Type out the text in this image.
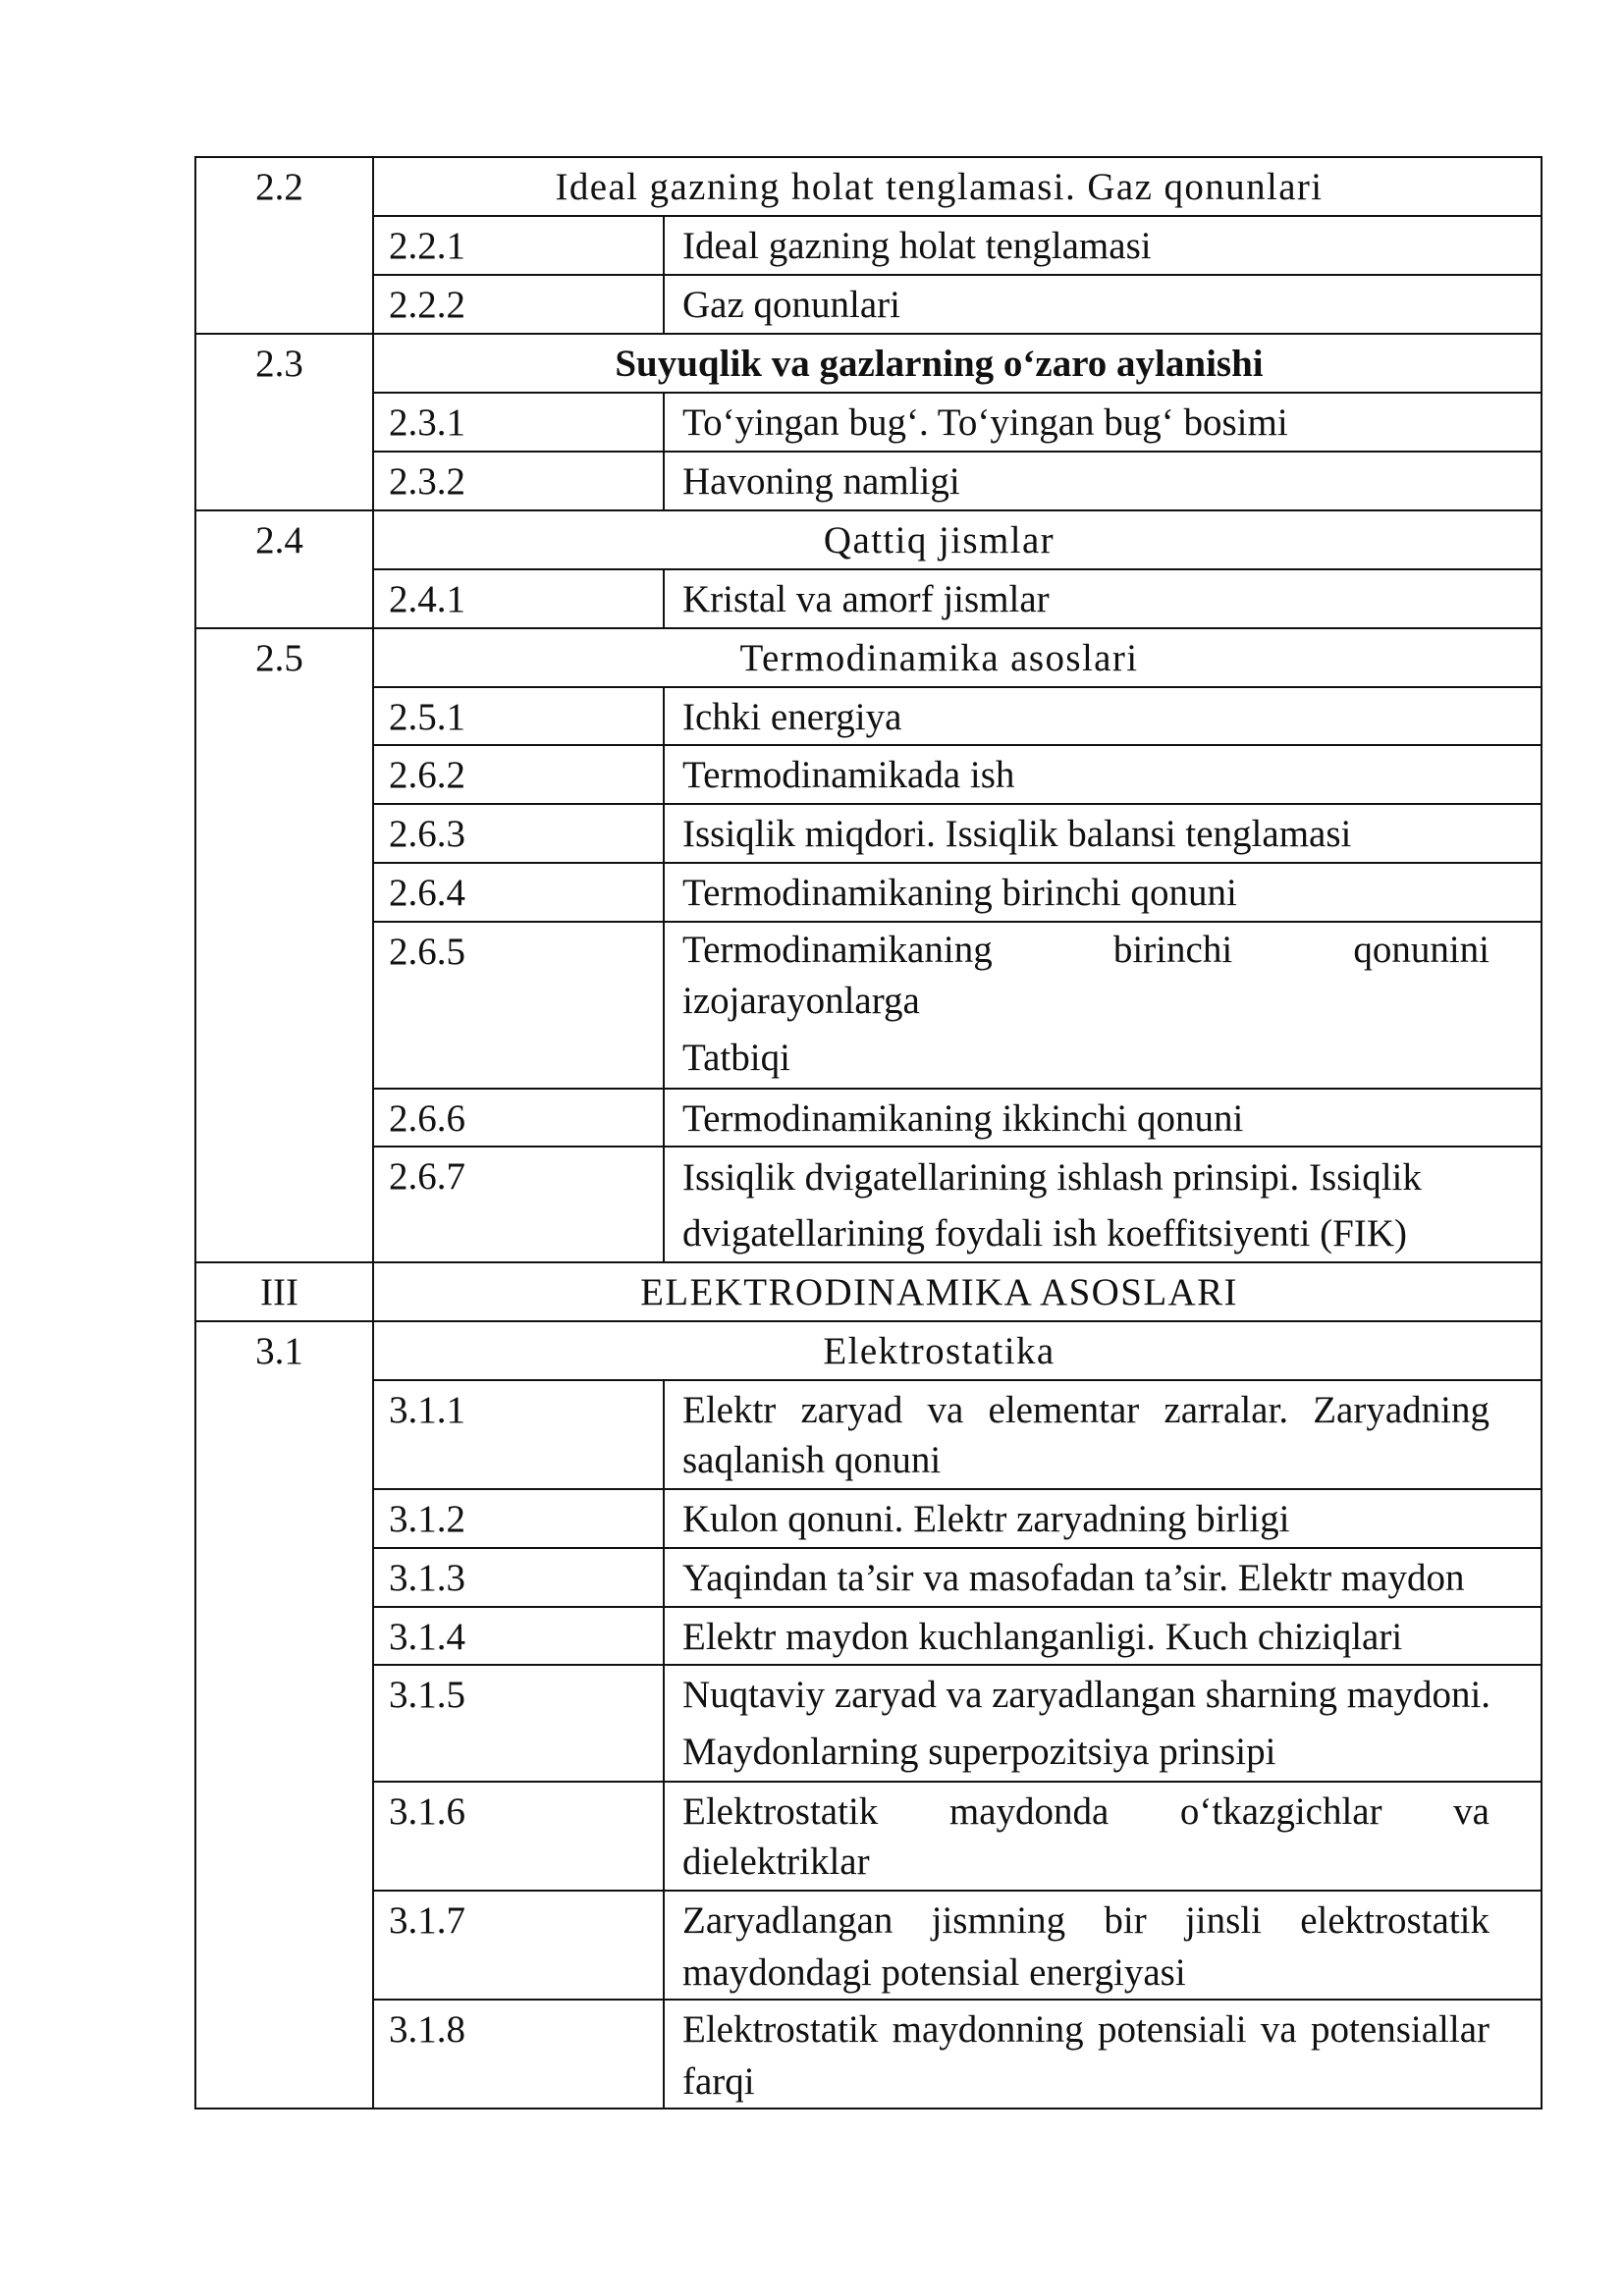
2.2	Ideal gazning holat tenglamasi. Gaz qonunlari	

	2.2.1	Ideal gazning holat tenglamasi

	2.2.2	Gaz qonunlari

2.3	Suyuqlik va gazlarning o‘zaro aylanishi	

	2.3.1	To‘yingan bug‘. To‘yingan bug‘ bosimi

	2.3.2	Havoning namligi

2.4	Qattiq jismlar	

	2.4.1	Kristal va amorf jismlar

2.5	Termodinamika asoslari	

	2.5.1	Ichki energiya

	2.6.2	Termodinamikada ish

	2.6.3	Issiqlik miqdori. Issiqlik balansi tenglamasi

	2.6.4	Termodinamikaning birinchi qonuni

	2.6.5	Termodinamikaning birinchi qonunini
izojarayonlarga
Tatbiqi

	2.6.6	Termodinamikaning ikkinchi qonuni

	2.6.7	Issiqlik dvigatellarining ishlash prinsipi. Issiqlik
dvigatellarining foydali ish koeffitsiyenti (FIK)

III	ELEKTRODINAMIKA ASOSLARI	

3.1	Elektrostatika	

	3.1.1	Elektr zaryad va elementar zarralar. Zaryadning
saqlanish qonuni

	3.1.2	Kulon qonuni. Elektr zaryadning birligi

	3.1.3	Yaqindan ta’sir va masofadan ta’sir. Elektr maydon

	3.1.4	Elektr maydon kuchlanganligi. Kuch chiziqlari

	3.1.5	Nuqtaviy zaryad va zaryadlangan sharning maydoni.
Maydonlarning superpozitsiya prinsipi

	3.1.6	Elektrostatik maydonda o‘tkazgichlar va
dielektriklar

	3.1.7	Zaryadlangan jismning bir jinsli elektrostatik
maydondagi potensial energiyasi

	3.1.8	Elektrostatik maydonning potensiali va potensiallar
farqi
